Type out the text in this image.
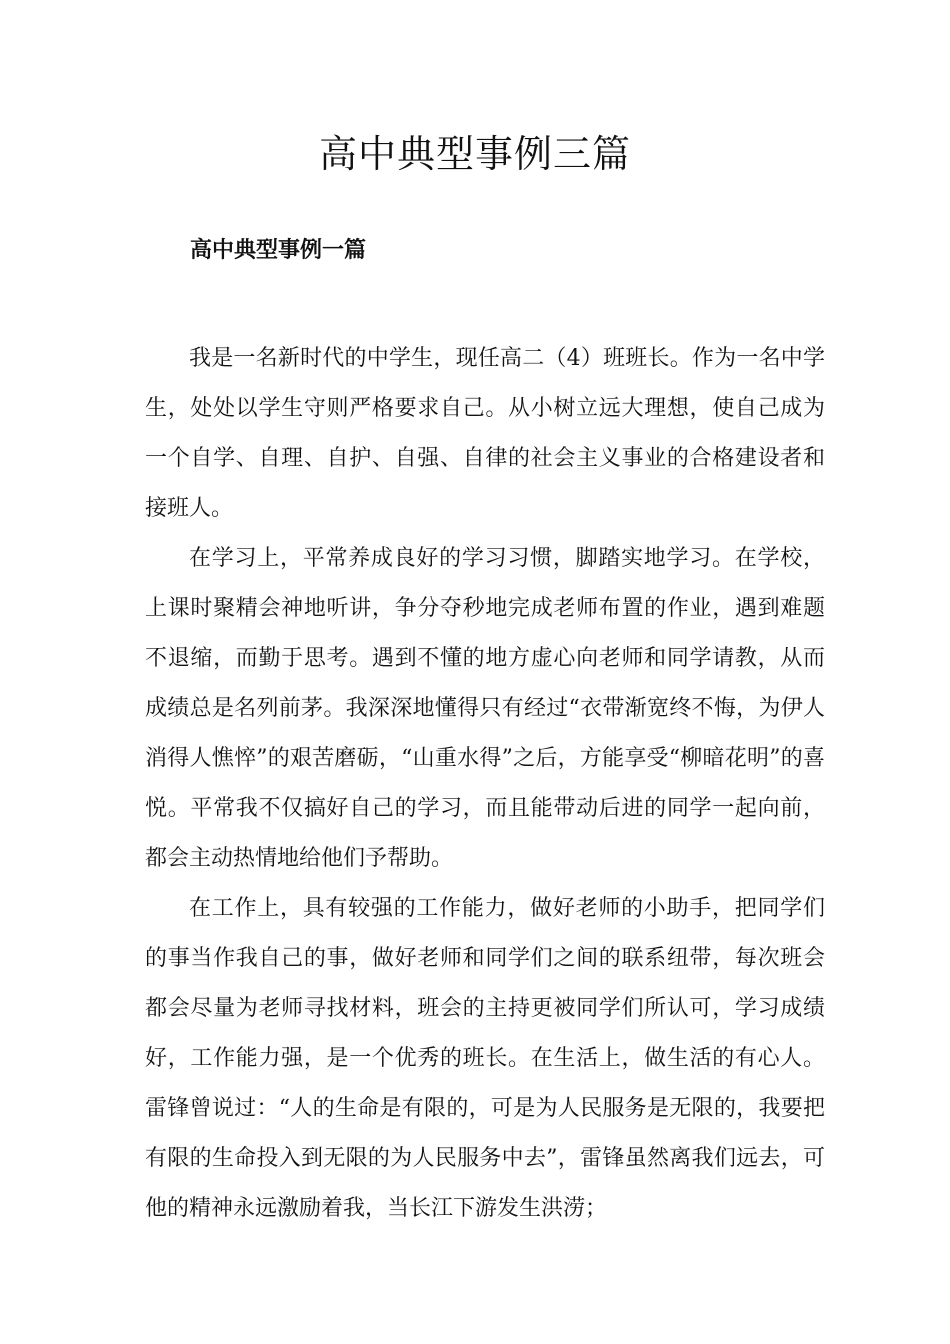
高中典型事例三篇
高中典型事例一篇

我是一名新时代的中学生，现任高二（4）班班长。作为一名中学生，处处以学生守则严格要求自己。从小树立远大理想，使自己成为一个自学、自理、自护、自强、自律的社会主义事业的合格建设者和接班人。

在学习上，平常养成良好的学习习惯，脚踏实地学习。在学校，上课时聚精会神地听讲，争分夺秒地完成老师布置的作业，遇到难题不退缩，而勤于思考。遇到不懂的地方虚心向老师和同学请教，从而成绩总是名列前茅。我深深地懂得只有经过“衣带渐宽终不悔，为伊人消得人憔悴”的艰苦磨砺，“山重水得”之后，方能享受“柳暗花明”的喜悦。平常我不仅搞好自己的学习，而且能带动后进的同学一起向前，都会主动热情地给他们予帮助。

在工作上，具有较强的工作能力，做好老师的小助手，把同学们的事当作我自己的事，做好老师和同学们之间的联系纽带，每次班会都会尽量为老师寻找材料，班会的主持更被同学们所认可，学习成绩好，工作能力强，是一个优秀的班长。在生活上，做生活的有心人。雷锋曾说过：“人的生命是有限的，可是为人民服务是无限的，我要把有限的生命投入到无限的为人民服务中去”，雷锋虽然离我们远去，可他的精神永远激励着我，当长江下游发生洪涝；
